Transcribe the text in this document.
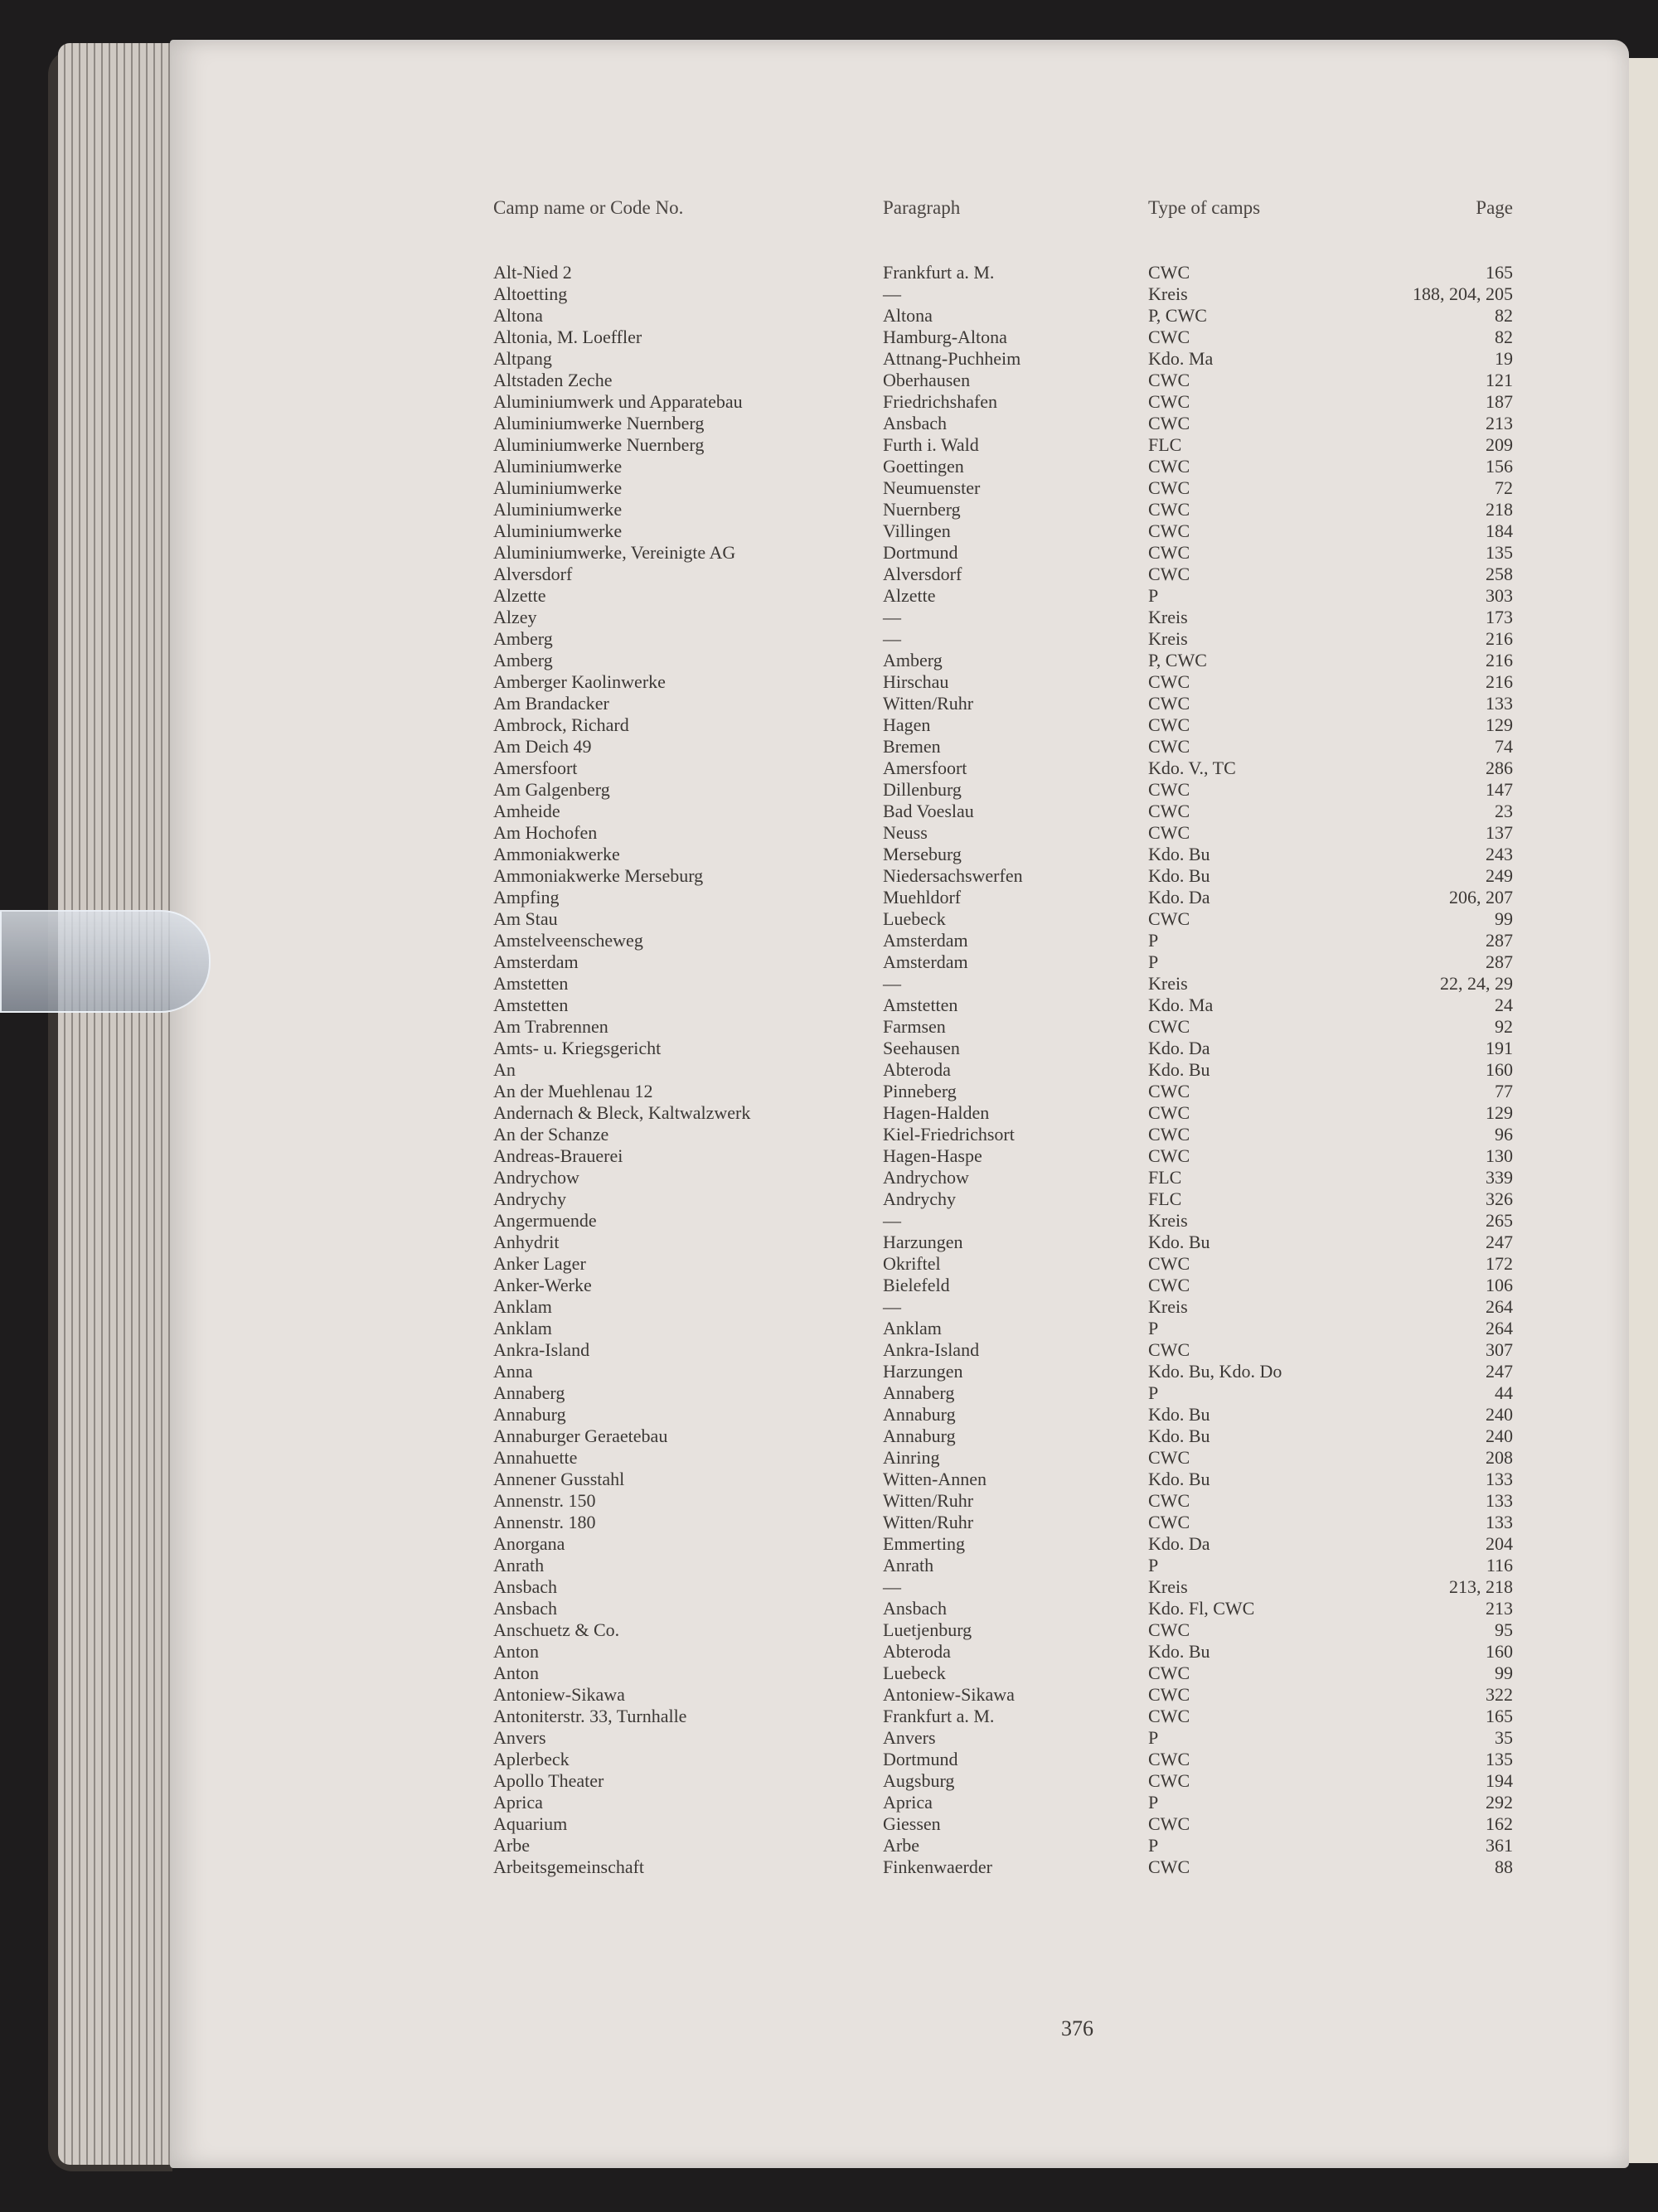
Camp name or Code No.	Paragraph	Type of camps	Page
Alt-Nied 2	Frankfurt a. M.	CWC	165
Altoetting	—	Kreis	188, 204, 205
Altona	Altona	P, CWC	82
Altonia, M. Loeffler	Hamburg-Altona	CWC	82
Altpang	Attnang-Puchheim	Kdo. Ma	19
Altstaden Zeche	Oberhausen	CWC	121
Aluminiumwerk und Apparatebau	Friedrichshafen	CWC	187
Aluminiumwerke Nuernberg	Ansbach	CWC	213
Aluminiumwerke Nuernberg	Furth i. Wald	FLC	209
Aluminiumwerke	Goettingen	CWC	156
Aluminiumwerke	Neumuenster	CWC	72
Aluminiumwerke	Nuernberg	CWC	218
Aluminiumwerke	Villingen	CWC	184
Aluminiumwerke, Vereinigte AG	Dortmund	CWC	135
Alversdorf	Alversdorf	CWC	258
Alzette	Alzette	P	303
Alzey	—	Kreis	173
Amberg	—	Kreis	216
Amberg	Amberg	P, CWC	216
Amberger Kaolinwerke	Hirschau	CWC	216
Am Brandacker	Witten/Ruhr	CWC	133
Ambrock, Richard	Hagen	CWC	129
Am Deich 49	Bremen	CWC	74
Amersfoort	Amersfoort	Kdo. V., TC	286
Am Galgenberg	Dillenburg	CWC	147
Amheide	Bad Voeslau	CWC	23
Am Hochofen	Neuss	CWC	137
Ammoniakwerke	Merseburg	Kdo. Bu	243
Ammoniakwerke Merseburg	Niedersachswerfen	Kdo. Bu	249
Ampfing	Muehldorf	Kdo. Da	206, 207
Am Stau	Luebeck	CWC	99
Amstelveenscheweg	Amsterdam	P	287
Amsterdam	Amsterdam	P	287
Amstetten	—	Kreis	22, 24, 29
Amstetten	Amstetten	Kdo. Ma	24
Am Trabrennen	Farmsen	CWC	92
Amts- u. Kriegsgericht	Seehausen	Kdo. Da	191
An	Abteroda	Kdo. Bu	160
An der Muehlenau 12	Pinneberg	CWC	77
Andernach & Bleck, Kaltwalzwerk	Hagen-Halden	CWC	129
An der Schanze	Kiel-Friedrichsort	CWC	96
Andreas-Brauerei	Hagen-Haspe	CWC	130
Andrychow	Andrychow	FLC	339
Andrychy	Andrychy	FLC	326
Angermuende	—	Kreis	265
Anhydrit	Harzungen	Kdo. Bu	247
Anker Lager	Okriftel	CWC	172
Anker-Werke	Bielefeld	CWC	106
Anklam	—	Kreis	264
Anklam	Anklam	P	264
Ankra-Island	Ankra-Island	CWC	307
Anna	Harzungen	Kdo. Bu, Kdo. Do	247
Annaberg	Annaberg	P	44
Annaburg	Annaburg	Kdo. Bu	240
Annaburger Geraetebau	Annaburg	Kdo. Bu	240
Annahuette	Ainring	CWC	208
Annener Gusstahl	Witten-Annen	Kdo. Bu	133
Annenstr. 150	Witten/Ruhr	CWC	133
Annenstr. 180	Witten/Ruhr	CWC	133
Anorgana	Emmerting	Kdo. Da	204
Anrath	Anrath	P	116
Ansbach	—	Kreis	213, 218
Ansbach	Ansbach	Kdo. Fl, CWC	213
Anschuetz & Co.	Luetjenburg	CWC	95
Anton	Abteroda	Kdo. Bu	160
Anton	Luebeck	CWC	99
Antoniew-Sikawa	Antoniew-Sikawa	CWC	322
Antoniterstr. 33, Turnhalle	Frankfurt a. M.	CWC	165
Anvers	Anvers	P	35
Aplerbeck	Dortmund	CWC	135
Apollo Theater	Augsburg	CWC	194
Aprica	Aprica	P	292
Aquarium	Giessen	CWC	162
Arbe	Arbe	P	361
Arbeitsgemeinschaft	Finkenwaerder	CWC	88
376
